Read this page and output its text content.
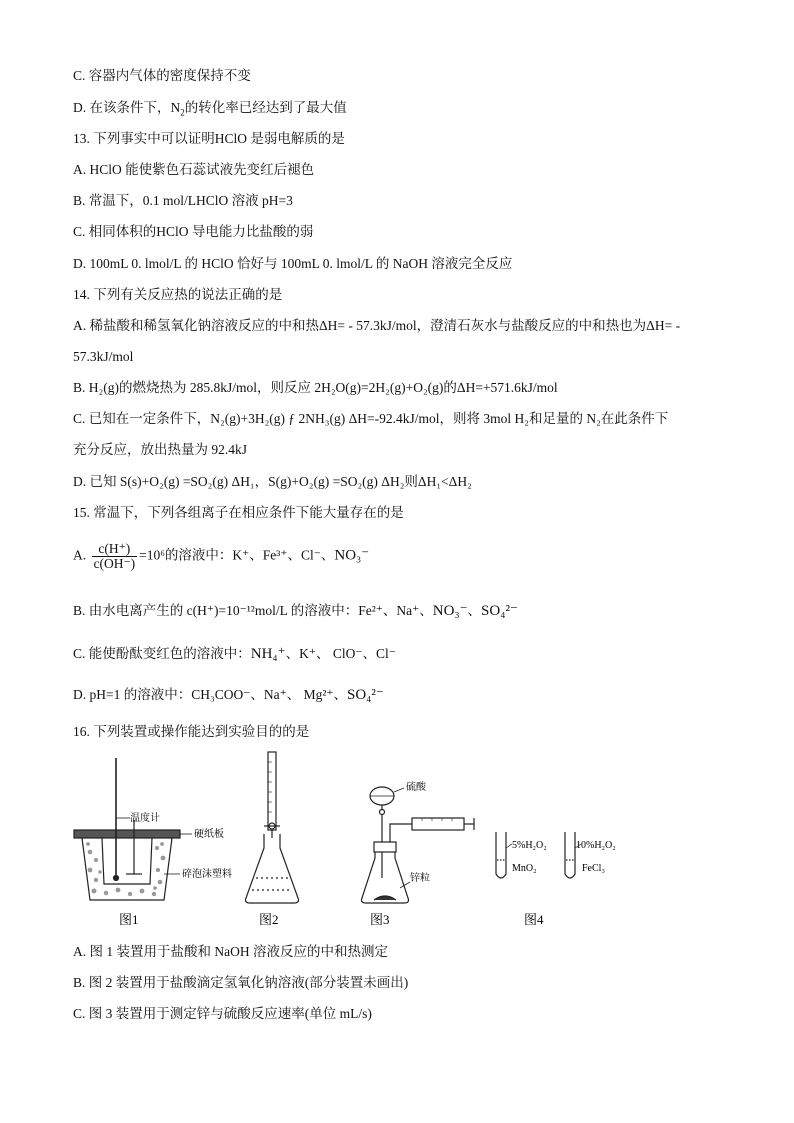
C. 容器内气体的密度保持不变
D. 在该条件下，$N_2$的转化率已经达到了最大值
13. 下列事实中可以证明HClO 是弱电解质的是
A. HClO 能使紫色石蕊试液先变红后褪色
B. 常温下，0.1 mol/LHClO 溶液 pH=3
C. 相同体积的HClO 导电能力比盐酸的弱
D. 100mL 0. lmol/L 的 HClO 恰好与 100mL 0. lmol/L 的 NaOH 溶液完全反应
14. 下列有关反应热的说法正确的是
A. 稀盐酸和稀氢氧化钠溶液反应的中和热ΔH= - 57.3kJ/mol，澄清石灰水与盐酸反应的中和热也为ΔH= -
57.3kJ/mol
B. H₂(g)的燃烧热为 285.8kJ/mol，则反应 2H₂O(g)=2H₂(g)+O₂(g)的ΔH=+571.6kJ/mol
C. 已知在一定条件下，N₂(g)+3H₂(g) ƒ 2NH₃(g) ΔH=-92.4kJ/mol，则将 3mol H₂和足量的 N₂在此条件下
充分反应，放出热量为 92.4kJ
D. 已知 S(s)+O₂(g) =SO₂(g) ΔH₁，S(g)+O₂(g) =SO₂(g) ΔH₂则ΔH₁<ΔH₂
15. 常温下，下列各组离子在相应条件下能大量存在的是
A. $\frac{c(H^+)}{c(OH^-)} =10^6$的溶液中：K⁺、Fe³⁺、Cl⁻、NO₃⁻
B. 由水电离产生的 c(H⁺)=10⁻¹²mol/L 的溶液中：Fe²⁺、Na⁺、NO₃⁻、SO₄²⁻
C. 能使酚酞变红色的溶液中：NH₄⁺、K⁺、 ClO⁻、Cl⁻
D. pH=1 的溶液中：CH₃COO⁻、Na⁺、 Mg²⁺、SO₄²⁻
16. 下列装置或操作能达到实验目的的是
温度计
硬纸板
碎泡沫塑料
图1	图2
硫酸
锌粒
图3
5%H₂O₂
MnO₂
10%H₂O₂
FeCl₃
图4
A. 图 1 装置用于盐酸和 NaOH 溶液反应的中和热测定
B. 图 2 装置用于盐酸滴定氢氧化钠溶液(部分装置未画出)
C. 图 3 装置用于测定锌与硫酸反应速率(单位 mL/s)
